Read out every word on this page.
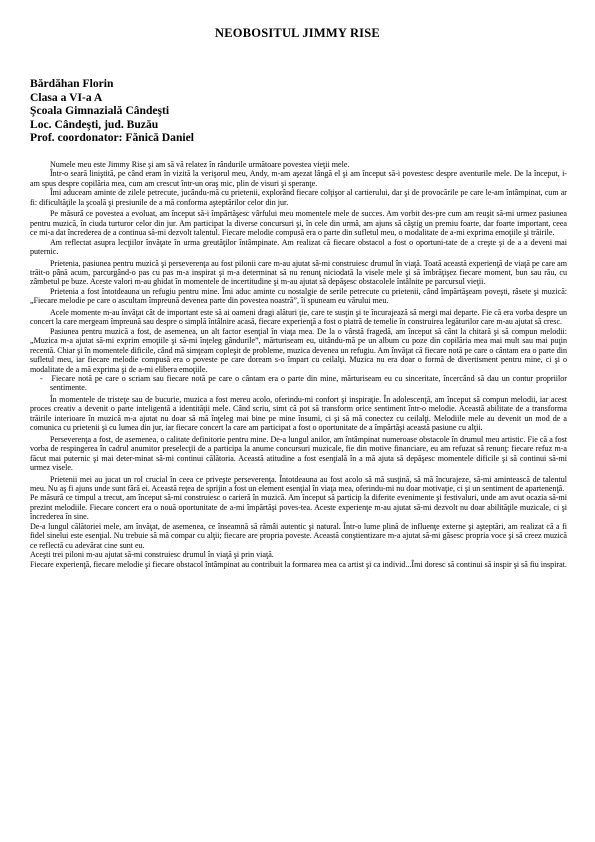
NEOBOSITUL JIMMY RISE
Bărdăhan Florin
Clasa a VI-a A
Şcoala Gimnazială Cândeşti
Loc. Cândeşti, jud. Buzău
Prof. coordonator: Fănică Daniel

Numele meu este Jimmy Rise şi am să vă relatez în rândurile următoare povestea vieţii mele.

Într-o seară liniştită, pe când eram în vizită la verişorul meu, Andy, m-am aşezat lângă el şi am început să-i povestesc despre aventurile mele. De la început, i-am spus despre copilăria mea, cum am crescut într-un oraş mic, plin de visuri şi speranţe.

Îmi aduceam aminte de zilele petrecute, jucându-mă cu prietenii, explorând fiecare colţişor al cartierului, dar şi de provocările pe care le-am întâmpinat, cum ar fi: dificultăţile la şcoală şi presiunile de a mă conforma aşteptărilor celor din jur.

Pe măsură ce povestea a evoluat, am început să-i împărtăşesc vârfului meu momentele mele de succes. Am vorbit des-pre cum am reuşit să-mi urmez pasiunea pentru muzică, în ciuda turturor celor din jur. Am participat la diverse concursuri şi, în cele din urmă, am ajuns să câştig un premiu foarte, dar foarte important, ceea ce mi-a dat încrederea de a continua să-mi dezvolt talentul. Fiecare melodie compusă era o parte din sufletul meu, o modalitate de a-mi exprima emoţiile şi trăirile.

Am reflectat asupra lecţiilor învăţate în urma greutăţilor întâmpinate. Am realizat că fiecare obstacol a fost o oportuni-tate de a creşte şi de a a deveni mai puternic.

Prietenia, pasiunea pentru muzică şi perseverenţa au fost pilonii care m-au ajutat să-mi construiesc drumul în viaţă. Toată această experienţă de viaţă pe care am trăit-o până acum, parcurgând-o pas cu pas m-a inspirat şi m-a determinat să nu renunţ niciodată la visele mele şi să îmbrăţişez fiecare moment, bun sau rău, cu zâmbetul pe buze. Aceste valori m-au ghidat în momentele de incertitudine şi m-au ajutat să depăşesc obstacolele întâlnite pe parcursul vieţii.

Prietenia a fost întotdeauna un refugiu pentru mine. Îmi aduc aminte cu nostalgie de serile petrecute cu prietenii, când împărtăşeam poveşti, râsete şi muzică: „Fiecare melodie pe care o ascultam împreună devenea parte din povestea noastră”, îi spuneam eu vărului meu.

Acele momente m-au învăţat cât de important este să ai oameni dragi alături ţie, care te susţin şi te încurajează să mergi mai departe. Fie că era vorba despre un concert la care mergeam împreună sau despre o simplă întâlnire acasă, fiecare experienţă a fost o piatră de temelie în construirea legăturilor care m-au ajutat să cresc.

Pasiunea pentru muzică a fost, de asemenea, un alt factor esenţial în viaţa mea. De la o vârstă fragedă, am început să cânt la chitară şi să compun melodii: „Muzica m-a ajutat să-mi exprim emoţiile şi să-mi înţeleg gândurile”, mărturiseam eu, uitându-mă pe un album cu poze din copilăria mea mai mult sau mai puţin recentă. Chiar şi în momentele dificile, când mă simţeam copleşit de probleme, muzica devenea un refugiu. Am învăţat că fiecare notă pe care o cântam era o parte din sufletul meu, iar fiecare melodie compusă era o poveste pe care doream s-o împart cu ceilalţi. Muzica nu era doar o formă de divertisment pentru mine, ci şi o modalitate de a mă exprima şi de a-mi elibera emoţiile.

- Fiecare notă pe care o scriam sau fiecare notă pe care o cântam era o parte din mine, mărturiseam eu cu sinceritate, încercând să dau un contur propriilor sentimente.

În momentele de tristeţe sau de bucurie, muzica a fost mereu acolo, oferindu-mi confort şi inspiraţie. În adolescenţă, am început să compun melodii, iar acest proces creativ a devenit o parte inteligentă a identităţii mele. Când scriu, simt că pot să transform orice sentiment într-o melodie. Această abilitate de a transforma trăirile interioare în muzică m-a ajutat nu doar să mă înţeleg mai bine pe mine însumi, ci şi să mă conectez cu ceilalţi. Melodiile mele au devenit un mod de a comunica cu prietenii şi cu lumea din jur, iar fiecare concert la care am participat a fost o oportunitate de a împărtăşi această pasiune cu alţii.

Perseverenţa a fost, de asemenea, o calitate definitorie pentru mine. De-a lungul anilor, am întâmpinat numeroase obstacole în drumul meu artistic. Fie că a fost vorba de respingerea în cadrul anumitor preselecţii de a participa la anume concursuri muzicale, fie din motive financiare, eu am refuzat să renunţ: fiecare refuz m-a făcut mai puternic şi mai deter-minat să-mi continui călătoria. Această atitudine a fost esenţială în a mă ajuta să depăşesc momentele dificile şi să continui să-mi urmez visele.

Prietenii mei au jucat un rol crucial în ceea ce priveşte perseverenţa. Întotdeauna au fost acolo să mă susţină, să mă încurajeze, să-mi amintească de talentul meu. Nu aş fi ajuns unde sunt fără ei. Această reţea de sprijin a fost un element esenţial în viaţa mea, oferindu-mi nu doar motivaţie, ci şi un sentiment de apartenenţă.

Pe măsură ce timpul a trecut, am început să-mi construiesc o carieră în muzică. Am început să particip la diferite evenimente şi festivaluri, unde am avut ocazia să-mi prezint melodiile. Fiecare concert era o nouă oportunitate de a-mi împărtăşi poves-tea. Aceste experienţe m-au ajutat să-mi dezvolt nu doar abilităţile muzicale, ci şi încrederea în sine.

De-a lungul călătoriei mele, am învăţat, de asemenea, ce înseamnă să rămâi autentic şi natural. Într-o lume plină de influenţe externe şi aşteptări, am realizat că a fi fidel sinelui este esenţial. Nu trebuie să mă compar cu alţii; fiecare are propria poveste. Această conştientizare m-a ajutat să-mi găsesc propria voce şi să creez muzică ce reflectă cu adevărat cine sunt eu.

Aceşti trei piloni m-au ajutat să-mi construiesc drumul în viaţă şi prin viaţă.

Fiecare experienţă, fiecare melodie şi fiecare obstacol întâmpinat au contribuit la formarea mea ca artist şi ca individ...Îmi doresc să continui să inspir şi să fiu inspirat.
